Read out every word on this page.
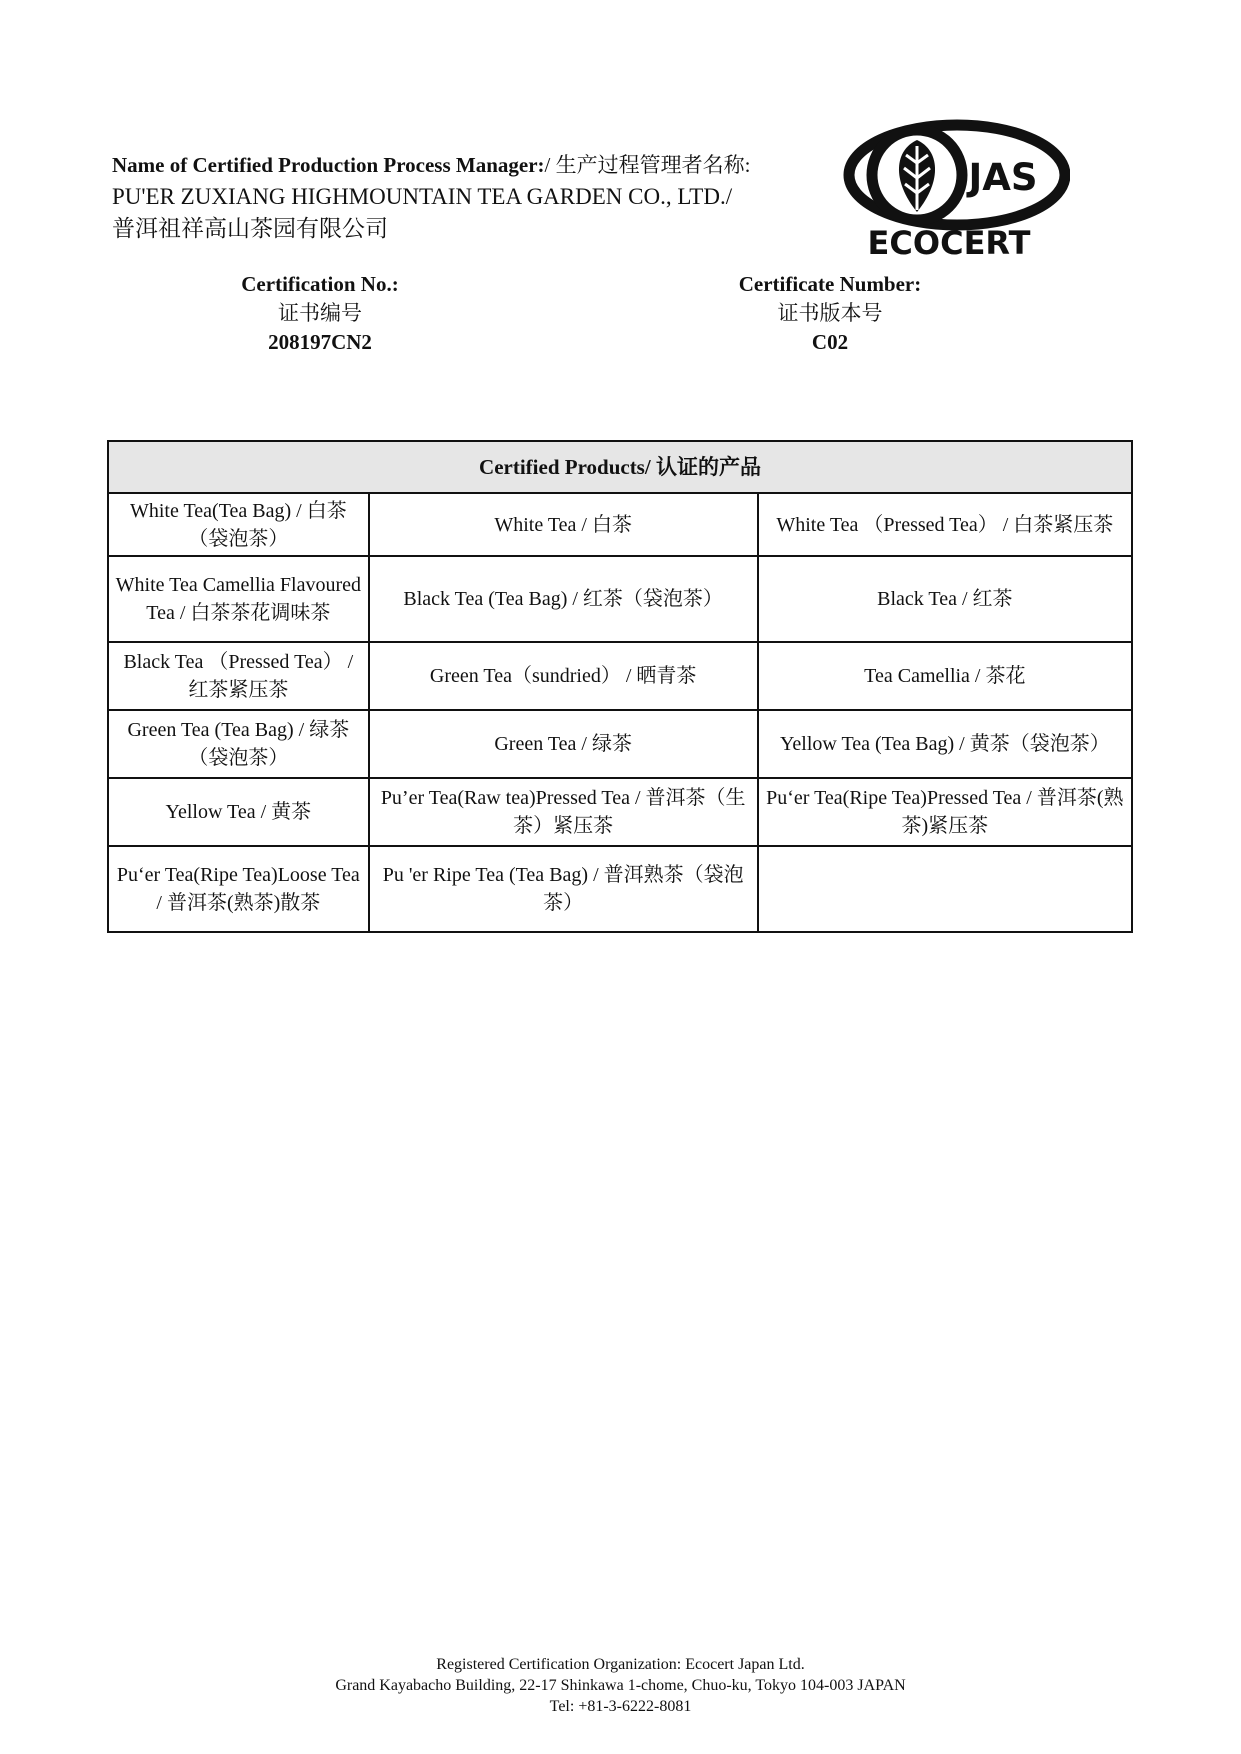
Name of Certified Production Process Manager:/ 生产过程管理者名称:
PU'ER ZUXIANG HIGHMOUNTAIN TEA GARDEN CO., LTD./普洱祖祥高山茶园有限公司
JAS
ECOCERT
Certification No.:
证书编号
208197CN2
Certificate Number:
证书版本号
C02
Certified Products/ 认证的产品		
White Tea(Tea Bag) / 白茶（袋泡茶）	White Tea / 白茶	White Tea （Pressed Tea） / 白茶紧压茶
White Tea Camellia Flavoured Tea / 白茶茶花调味茶	Black Tea (Tea Bag) / 红茶（袋泡茶）	Black Tea / 红茶
Black Tea （Pressed Tea） / 红茶紧压茶	Green Tea（sundried） / 晒青茶	Tea Camellia / 茶花
Green Tea (Tea Bag) / 绿茶（袋泡茶）	Green Tea / 绿茶	Yellow Tea (Tea Bag) / 黄茶（袋泡茶）
Yellow Tea / 黄茶	Pu’er Tea(Raw tea)Pressed Tea / 普洱茶（生茶）紧压茶	Pu‘er Tea(Ripe Tea)Pressed Tea / 普洱茶(熟茶)紧压茶
Pu‘er Tea(Ripe Tea)Loose Tea / 普洱茶(熟茶)散茶	Pu 'er Ripe Tea (Tea Bag) / 普洱熟茶（袋泡茶）	
Registered Certification Organization: Ecocert Japan Ltd.
Grand Kayabacho Building, 22-17 Shinkawa 1-chome, Chuo-ku, Tokyo 104-003 JAPAN
Tel: +81-3-6222-8081
